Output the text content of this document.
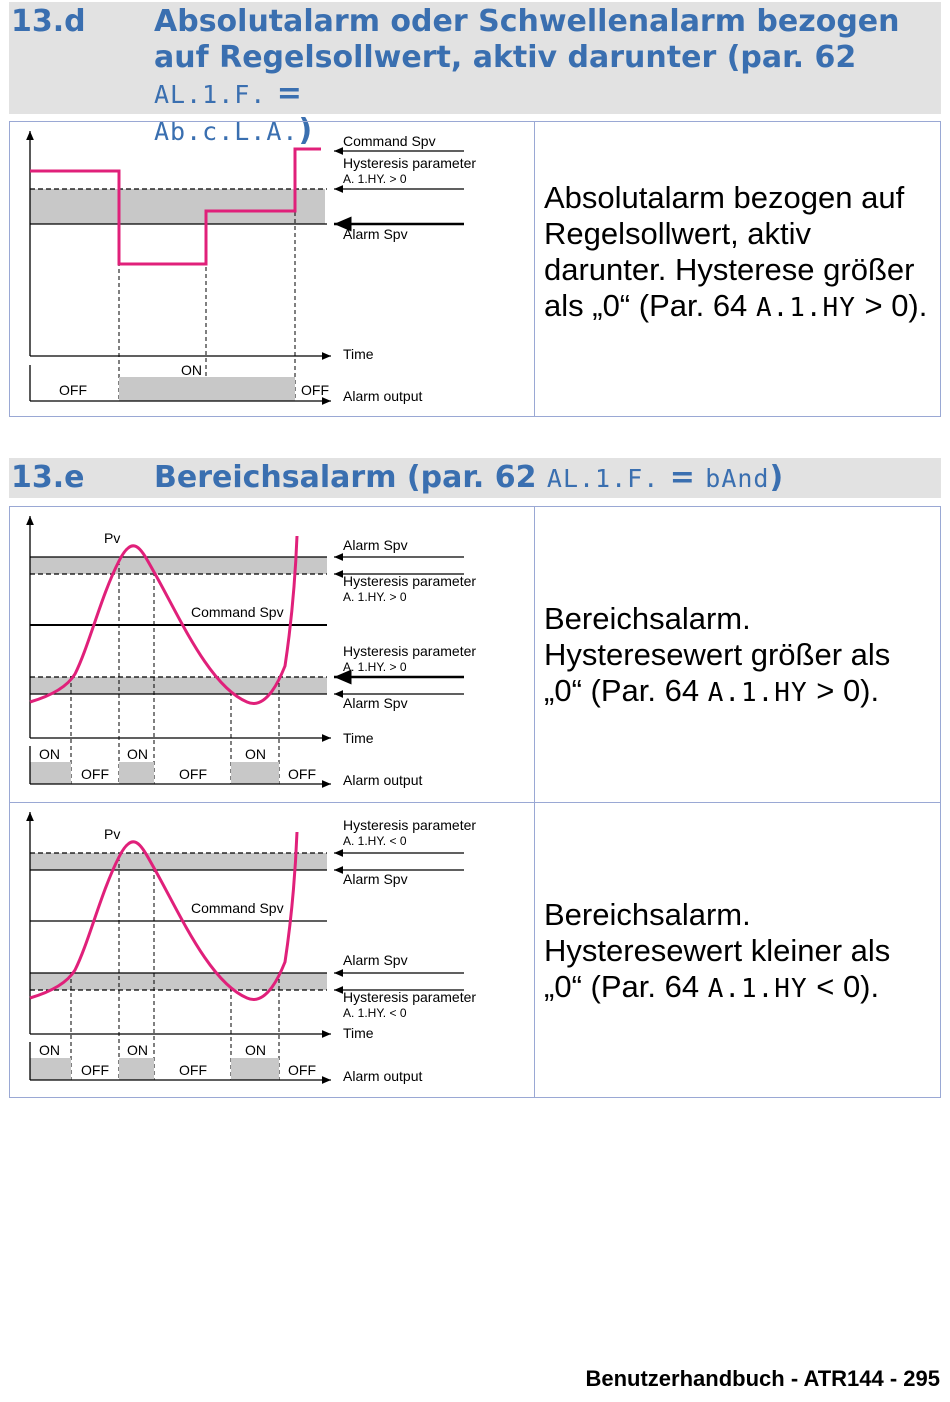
13.d Absolutalarm oder Schwellenalarm bezogen
auf Regelsollwert, aktiv darunter (par. 62 AL.1.F. =
Ab.c.L.A.)
Absolutalarm bezogen auf Regelsollwert, aktiv darunter. Hysterese größer als „0“ (Par. 64 A.1.HY > 0).
OFF
ON
OFF
Command Spv
Hysteresis parameter
A. 1.HY. > 0
Alarm Spv
Time
Alarm output
13.e Bereichsalarm (par. 62 AL.1.F. = bAnd)
Bereichsalarm. Hysteresewert größer als „0“ (Par. 64 A.1.HY > 0).
Bereichsalarm. Hysteresewert kleiner als „0“ (Par. 64 A.1.HY < 0).
ON
OFF
ON
OFF
ON
OFF
Pv
Command Spv
Alarm Spv
Hysteresis parameter
A. 1.HY. > 0
Hysteresis parameter
A. 1.HY. > 0
Alarm Spv
Time
Alarm output
ON
OFF
ON
OFF
ON
OFF
Pv
Command Spv
Hysteresis parameter
A. 1.HY. < 0
Alarm Spv
Alarm Spv
Hysteresis parameter
A. 1.HY. < 0
Time
Alarm output
Benutzerhandbuch - ATR144 - 295
